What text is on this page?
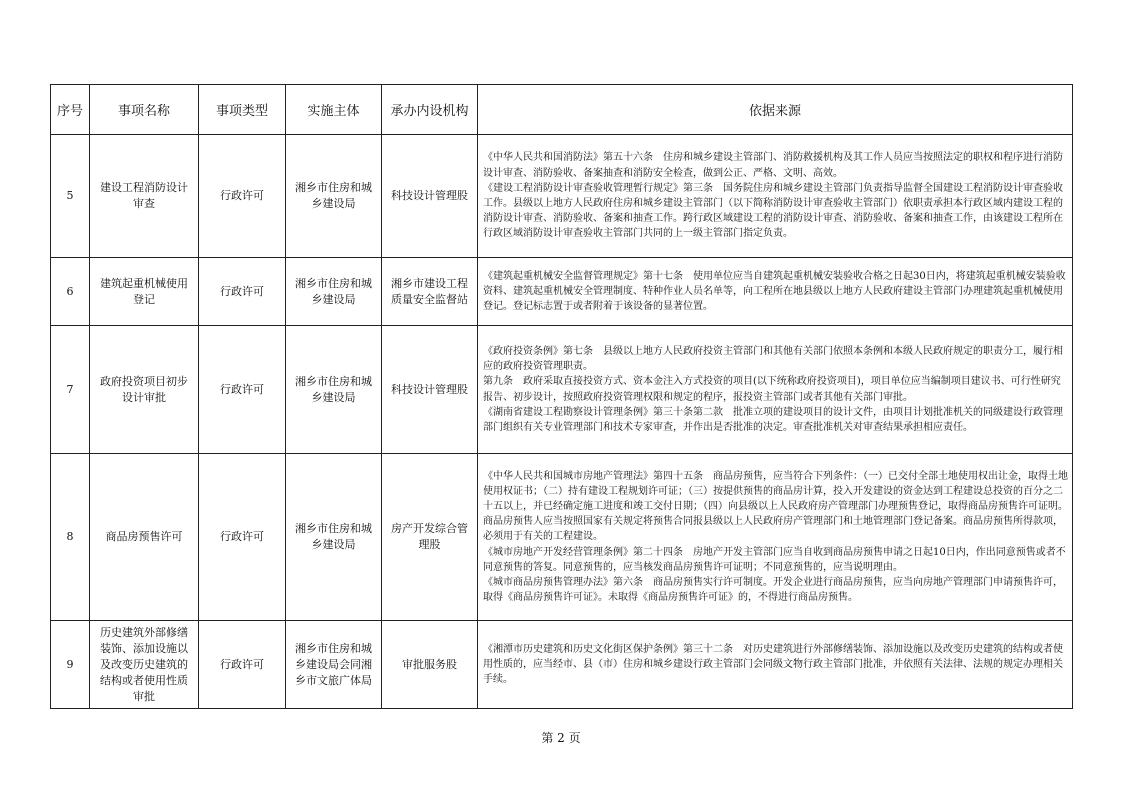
序号	事项名称	事项类型	实施主体	承办内设机构	依据来源
5	建设工程消防设计审查	行政许可	湘乡市住房和城乡建设局	科技设计管理股	《中华人民共和国消防法》第五十六条　住房和城乡建设主管部门、消防救援机构及其工作人员应当按照法定的职权和程序进行消防设计审查、消防验收、备案抽查和消防安全检查，做到公正、严格、文明、高效。
《建设工程消防设计审查验收管理暂行规定》第三条　国务院住房和城乡建设主管部门负责指导监督全国建设工程消防设计审查验收工作。县级以上地方人民政府住房和城乡建设主管部门（以下简称消防设计审查验收主管部门）依职责承担本行政区域内建设工程的消防设计审查、消防验收、备案和抽查工作。跨行政区域建设工程的消防设计审查、消防验收、备案和抽查工作，由该建设工程所在行政区域消防设计审查验收主管部门共同的上一级主管部门指定负责。

6	建筑起重机械使用登记	行政许可	湘乡市住房和城乡建设局	湘乡市建设工程质量安全监督站	《建筑起重机械安全监督管理规定》第十七条　使用单位应当自建筑起重机械安装验收合格之日起30日内，将建筑起重机械安装验收资料、建筑起重机械安全管理制度、特种作业人员名单等，向工程所在地县级以上地方人民政府建设主管部门办理建筑起重机械使用登记。登记标志置于或者附着于该设备的显著位置。

7	政府投资项目初步设计审批	行政许可	湘乡市住房和城乡建设局	科技设计管理股	《政府投资条例》第七条　县级以上地方人民政府投资主管部门和其他有关部门依照本条例和本级人民政府规定的职责分工，履行相应的政府投资管理职责。
第九条　政府采取直接投资方式、资本金注入方式投资的项目(以下统称政府投资项目)，项目单位应当编制项目建议书、可行性研究报告、初步设计，按照政府投资管理权限和规定的程序，报投资主管部门或者其他有关部门审批。
《湖南省建设工程勘察设计管理条例》第三十条第二款　批准立项的建设项目的设计文件，由项目计划批准机关的同级建设行政管理部门组织有关专业管理部门和技术专家审查，并作出是否批准的决定。审查批准机关对审查结果承担相应责任。

8	商品房预售许可	行政许可	湘乡市住房和城乡建设局	房产开发综合管理股	《中华人民共和国城市房地产管理法》第四十五条　商品房预售，应当符合下列条件：（一）已交付全部土地使用权出让金，取得土地使用权证书；（二）持有建设工程规划许可证；（三）按提供预售的商品房计算，投入开发建设的资金达到工程建设总投资的百分之二十五以上，并已经确定施工进度和竣工交付日期；（四）向县级以上人民政府房产管理部门办理预售登记，取得商品房预售许可证明。商品房预售人应当按照国家有关规定将预售合同报县级以上人民政府房产管理部门和土地管理部门登记备案。商品房预售所得款项，必须用于有关的工程建设。
《城市房地产开发经营管理条例》第二十四条　房地产开发主管部门应当自收到商品房预售申请之日起10日内，作出同意预售或者不同意预售的答复。同意预售的，应当核发商品房预售许可证明；不同意预售的，应当说明理由。
《城市商品房预售管理办法》第六条　商品房预售实行许可制度。开发企业进行商品房预售，应当向房地产管理部门申请预售许可，取得《商品房预售许可证》。未取得《商品房预售许可证》的，不得进行商品房预售。

9	历史建筑外部修缮装饰、添加设施以及改变历史建筑的结构或者使用性质审批	行政许可	湘乡市住房和城乡建设局会同湘乡市文旅广体局	审批服务股	《湘潭市历史建筑和历史文化街区保护条例》第三十二条　对历史建筑进行外部修缮装饰、添加设施以及改变历史建筑的结构或者使用性质的，应当经市、县（市）住房和城乡建设行政主管部门会同级文物行政主管部门批准，并依照有关法律、法规的规定办理相关手续。
第 2 页
